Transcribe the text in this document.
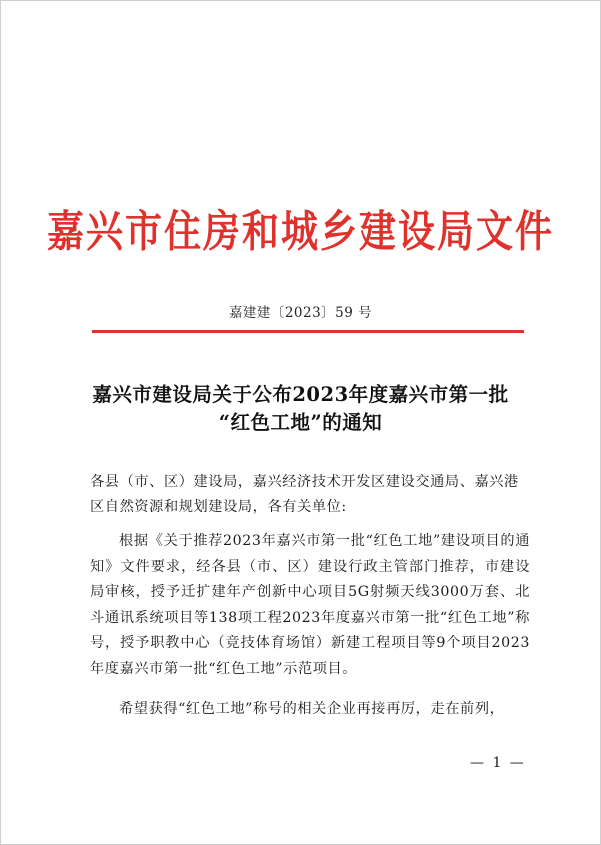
嘉兴市住房和城乡建设局文件
嘉建建〔2023〕59 号
嘉兴市建设局关于公布2023年度嘉兴市第一批
“红色工地”的通知
各县（市、区）建设局，嘉兴经济技术开发区建设交通局、嘉兴港区自然资源和规划建设局，各有关单位:
根据《关于推荐2023年嘉兴市第一批“红色工地”建设项目的通知》文件要求，经各县（市、区）建设行政主管部门推荐，市建设局审核，授予迁扩建年产创新中心项目5G射频天线3000万套、北斗通讯系统项目等138项工程2023年度嘉兴市第一批“红色工地”称号，授予职教中心（竞技体育场馆）新建工程项目等9个项目2023年度嘉兴市第一批“红色工地”示范项目。
希望获得“红色工地”称号的相关企业再接再厉，走在前列，
— 1 —
